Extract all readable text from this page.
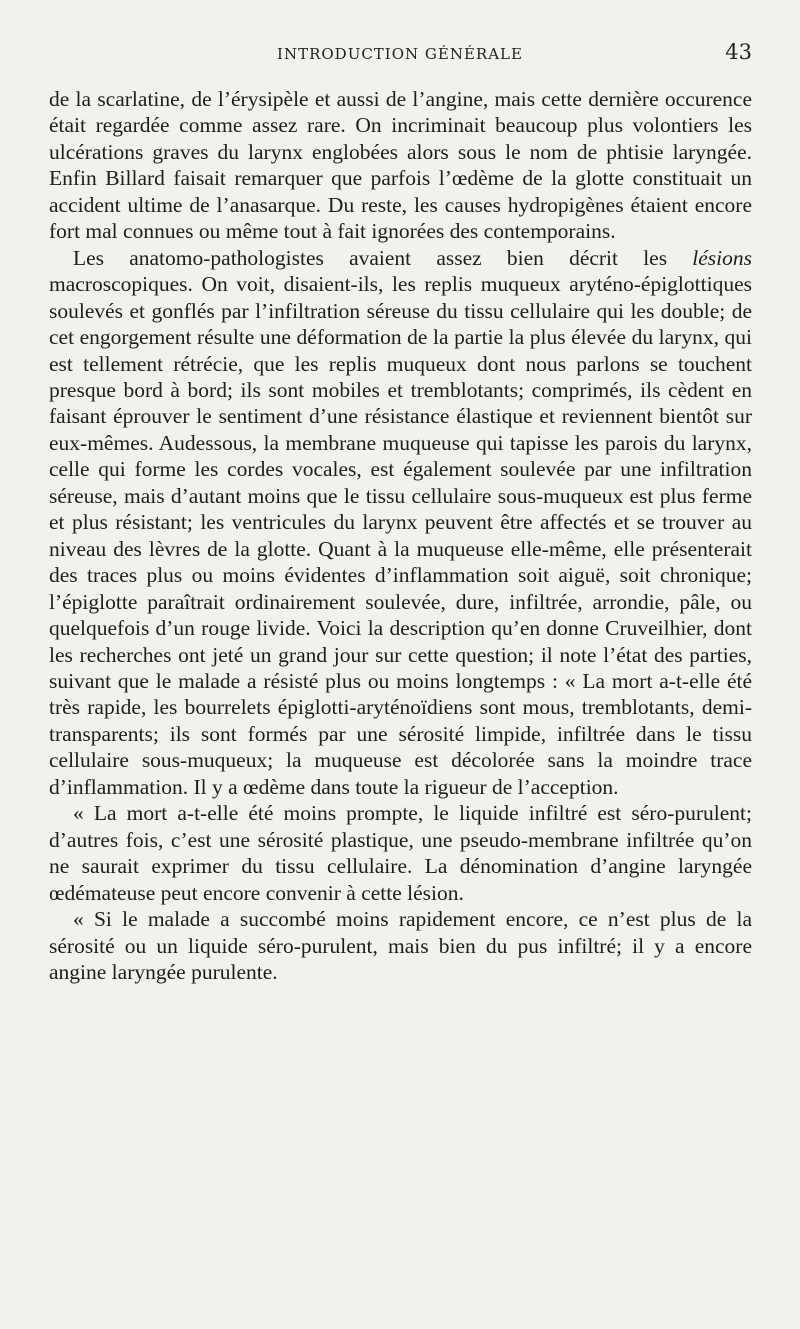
INTRODUCTION GÉNÉRALE	43

de la scarlatine, de l’érysipèle et aussi de l’angine, mais cette dernière occurence était regardée comme assez rare. On incriminait beaucoup plus volontiers les ulcérations graves du larynx englobées alors sous le nom de phtisie laryngée. Enfin Billard faisait remarquer que parfois l’œdème de la glotte constituait un accident ultime de l’anasarque. Du reste, les causes hydropigènes étaient encore fort mal connues ou même tout à fait ignorées des contemporains.

Les anatomo-pathologistes avaient assez bien décrit les lésions macroscopiques. On voit, disaient-ils, les replis muqueux aryténo-épiglottiques soulevés et gonflés par l’infiltration séreuse du tissu cellulaire qui les double; de cet engorgement résulte une déformation de la partie la plus élevée du larynx, qui est tellement rétrécie, que les replis muqueux dont nous parlons se touchent presque bord à bord; ils sont mobiles et tremblotants; comprimés, ils cèdent en faisant éprouver le sentiment d’une résistance élastique et reviennent bientôt sur eux-mêmes. Audessous, la membrane muqueuse qui tapisse les parois du larynx, celle qui forme les cordes vocales, est également soulevée par une infiltration séreuse, mais d’autant moins que le tissu cellulaire sous-muqueux est plus ferme et plus résistant; les ventricules du larynx peuvent être affectés et se trouver au niveau des lèvres de la glotte. Quant à la muqueuse elle-même, elle présenterait des traces plus ou moins évidentes d’inflammation soit aiguë, soit chronique; l’épiglotte paraîtrait ordinairement soulevée, dure, infiltrée, arrondie, pâle, ou quelquefois d’un rouge livide. Voici la description qu’en donne Cruveilhier, dont les recherches ont jeté un grand jour sur cette question; il note l’état des parties, suivant que le malade a résisté plus ou moins longtemps : « La mort a-t-elle été très rapide, les bourrelets épiglotti-aryténoïdiens sont mous, tremblotants, demi-transparents; ils sont formés par une sérosité limpide, infiltrée dans le tissu cellulaire sous-muqueux; la muqueuse est décolorée sans la moindre trace d’inflammation. Il y a œdème dans toute la rigueur de l’acception.

« La mort a-t-elle été moins prompte, le liquide infiltré est séro-purulent; d’autres fois, c’est une sérosité plastique, une pseudo-membrane infiltrée qu’on ne saurait exprimer du tissu cellulaire. La dénomination d’angine laryngée œdémateuse peut encore convenir à cette lésion.

« Si le malade a succombé moins rapidement encore, ce n’est plus de la sérosité ou un liquide séro-purulent, mais bien du pus infiltré; il y a encore angine laryngée purulente.
